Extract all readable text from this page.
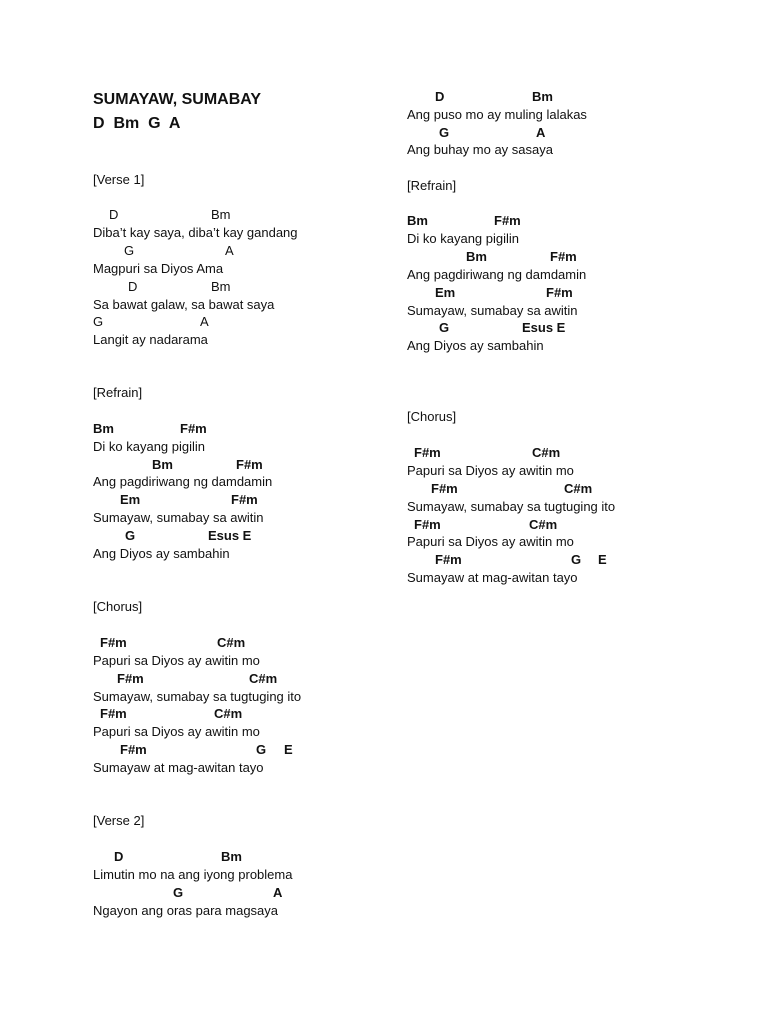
SUMAYAW, SUMABAY
D  Bm  G  A
[Verse 1]
D	Bm
Diba’t kay saya, diba’t kay gandang
G	A
Magpuri sa Diyos Ama
D	Bm
Sa bawat galaw, sa bawat saya
G	A
Langit ay nadarama
[Refrain]
Bm	F#m
Di ko kayang pigilin
Bm	F#m
Ang pagdiriwang ng damdamin
Em	F#m
Sumayaw, sumabay sa awitin
G	Esus E
Ang Diyos ay sambahin
[Chorus]
F#m	C#m
Papuri sa Diyos ay awitin mo
F#m	C#m
Sumayaw, sumabay sa tugtuging ito
F#m	C#m
Papuri sa Diyos ay awitin mo
F#m	G E
Sumayaw at mag-awitan tayo
[Verse 2]
D	Bm
Limutin mo na ang iyong problema
G	A
Ngayon ang oras para magsaya
D	Bm
Ang puso mo ay muling lalakas
G	A
Ang buhay mo ay sasaya
[Refrain]
Bm	F#m
Di ko kayang pigilin
Bm	F#m
Ang pagdiriwang ng damdamin
Em	F#m
Sumayaw, sumabay sa awitin
G	Esus E
Ang Diyos ay sambahin
[Chorus]
F#m	C#m
Papuri sa Diyos ay awitin mo
F#m	C#m
Sumayaw, sumabay sa tugtuging ito
F#m	C#m
Papuri sa Diyos ay awitin mo
F#m	G E
Sumayaw at mag-awitan tayo
